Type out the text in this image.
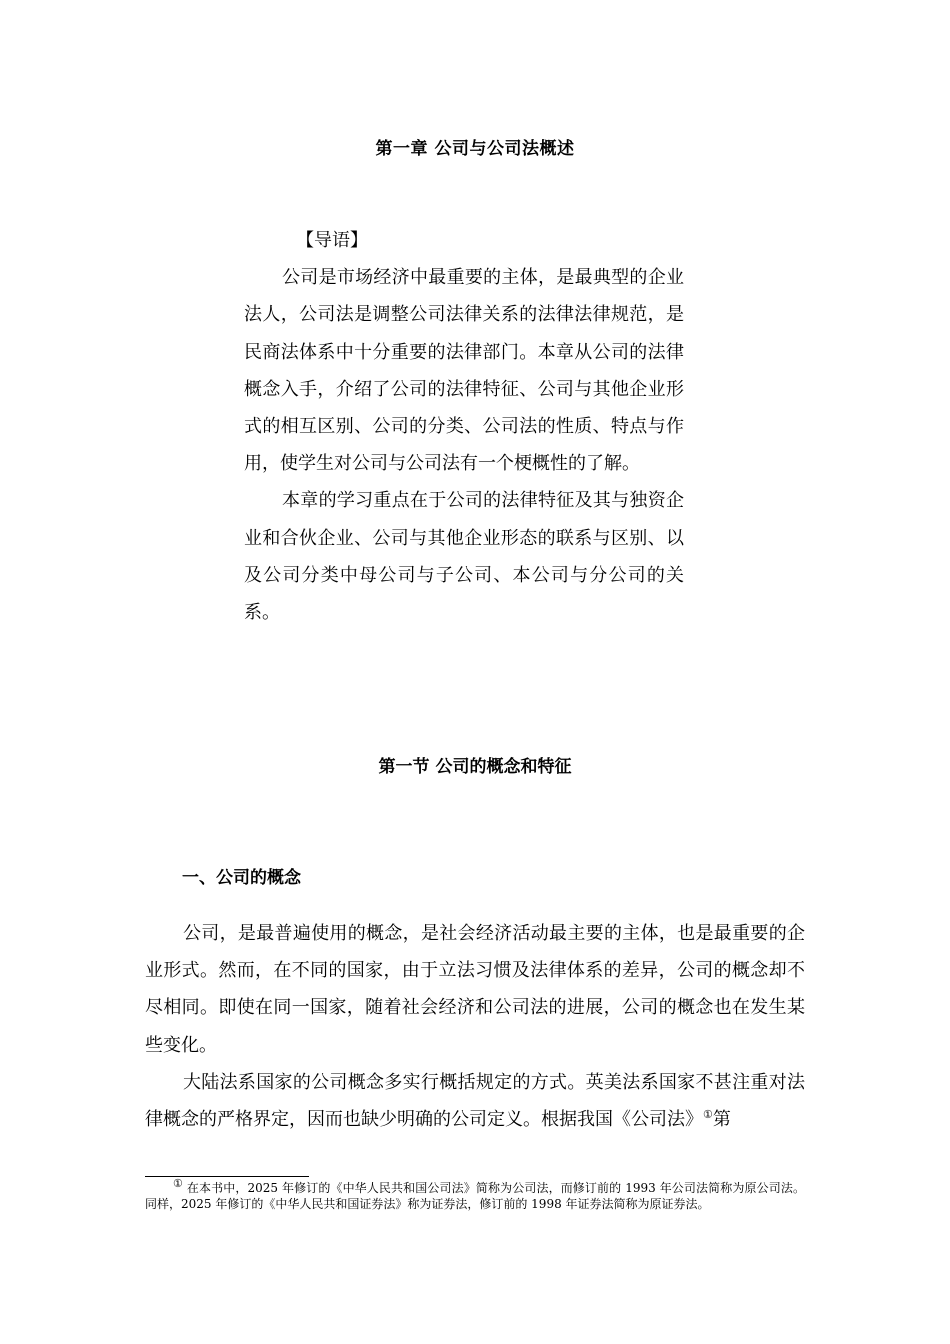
第一章 公司与公司法概述
【导语】

公司是市场经济中最重要的主体，是最典型的企业法人，公司法是调整公司法律关系的法律法律规范，是民商法体系中十分重要的法律部门。本章从公司的法律概念入手，介绍了公司的法律特征、公司与其他企业形式的相互区别、公司的分类、公司法的性质、特点与作用，使学生对公司与公司法有一个梗概性的了解。

本章的学习重点在于公司的法律特征及其与独资企业和合伙企业、公司与其他企业形态的联系与区别、以及公司分类中母公司与子公司、本公司与分公司的关系。

第一节 公司的概念和特征
一、公司的概念

公司，是最普遍使用的概念，是社会经济活动最主要的主体，也是最重要的企业形式。然而，在不同的国家，由于立法习惯及法律体系的差异，公司的概念却不尽相同。即使在同一国家，随着社会经济和公司法的进展，公司的概念也在发生某些变化。

大陆法系国家的公司概念多实行概括规定的方式。英美法系国家不甚注重对法律概念的严格界定，因而也缺少明确的公司定义。根据我国《公司法》①第

① 在本书中，2025 年修订的《中华人民共和国公司法》简称为公司法，而修订前的 1993 年公司法简称为原公司法。同样，2025 年修订的《中华人民共和国证券法》称为证券法，修订前的 1998 年证券法简称为原证券法。
